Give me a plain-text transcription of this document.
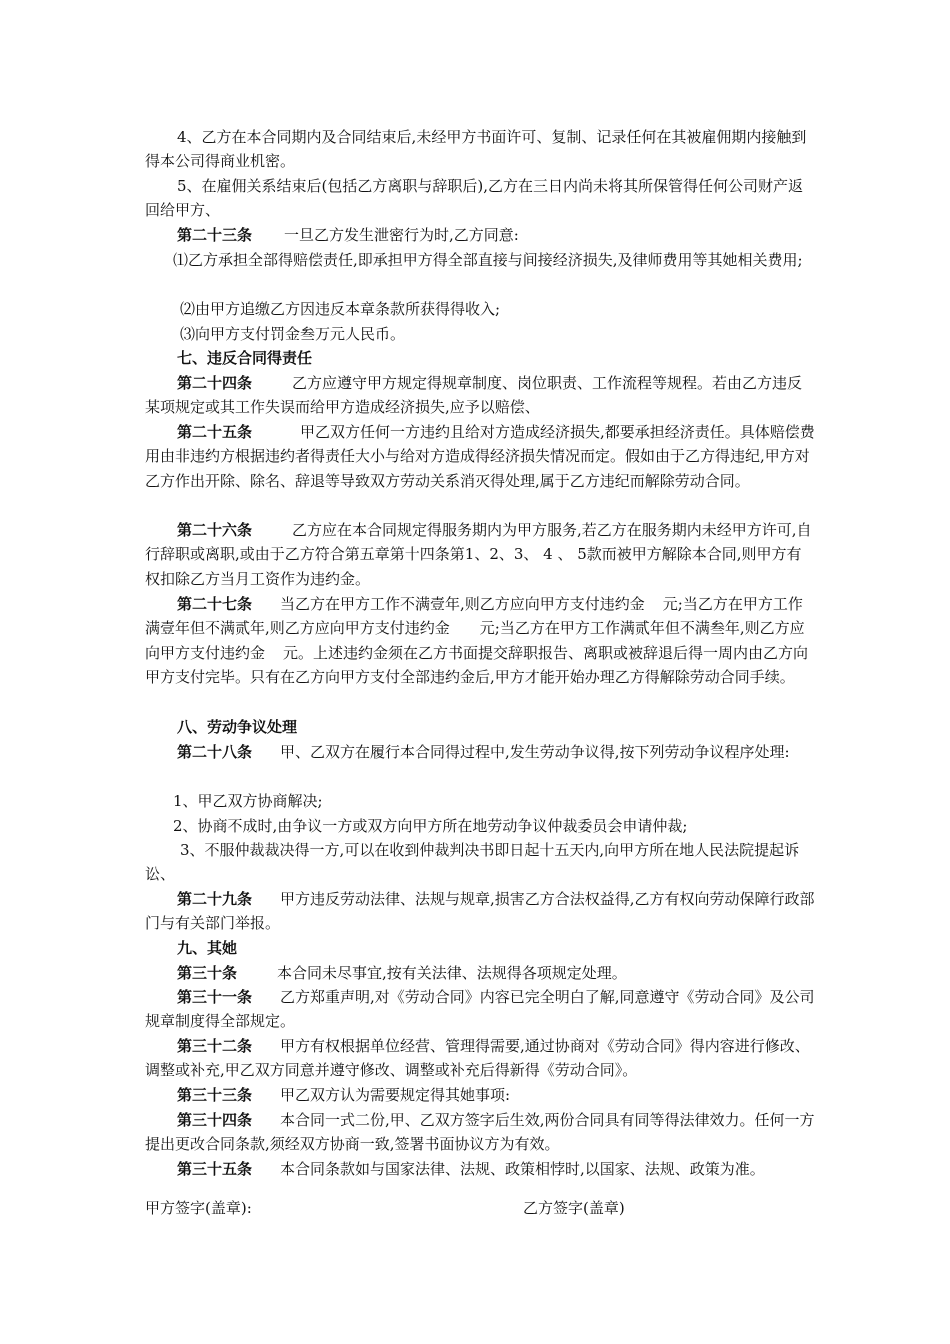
4、乙方在本合同期内及合同结束后,未经甲方书面许可、复制、记录任何在其被雇佣期内接触到得本公司得商业机密。

5、在雇佣关系结束后(包括乙方离职与辞职后),乙方在三日内尚未将其所保管得任何公司财产返回给甲方、

第二十三条 一旦乙方发生泄密行为时,乙方同意:

⑴乙方承担全部得赔偿责任,即承担甲方得全部直接与间接经济损失,及律师费用等其她相关费用;

⑵由甲方追缴乙方因违反本章条款所获得得收入;

⑶向甲方支付罚金叁万元人民币。

七、违反合同得责任

第二十四条	乙方应遵守甲方规定得规章制度、岗位职责、工作流程等规程。若由乙方违反某项规定或其工作失误而给甲方造成经济损失,应予以赔偿、

第二十五条	甲乙双方任何一方违约且给对方造成经济损失,都要承担经济责任。具体赔偿费用由非违约方根据违约者得责任大小与给对方造成得经济损失情况而定。假如由于乙方得违纪,甲方对乙方作出开除、除名、辞退等导致双方劳动关系消灭得处理,属于乙方违纪而解除劳动合同。

第二十六条	乙方应在本合同规定得服务期内为甲方服务,若乙方在服务期内未经甲方许可,自行辞职或离职,或由于乙方符合第五章第十四条第1、2、3、 4 、 5款而被甲方解除本合同,则甲方有权扣除乙方当月工资作为违约金。

第二十七条 当乙方在甲方工作不满壹年,则乙方应向甲方支付违约金 元;当乙方在甲方工作满壹年但不满贰年,则乙方应向甲方支付违约金 元;当乙方在甲方工作满贰年但不满叁年,则乙方应向甲方支付违约金 元。上述违约金须在乙方书面提交辞职报告、离职或被辞退后得一周内由乙方向甲方支付完毕。只有在乙方向甲方支付全部违约金后,甲方才能开始办理乙方得解除劳动合同手续。

八、劳动争议处理

第二十八条 甲、乙双方在履行本合同得过程中,发生劳动争议得,按下列劳动争议程序处理:

1、甲乙双方协商解决;

2、协商不成时,由争议一方或双方向甲方所在地劳动争议仲裁委员会申请仲裁;

3、不服仲裁裁决得一方,可以在收到仲裁判决书即日起十五天内,向甲方所在地人民法院提起诉讼、

第二十九条 甲方违反劳动法律、法规与规章,损害乙方合法权益得,乙方有权向劳动保障行政部门与有关部门举报。

九、其她

第三十条	本合同未尽事宜,按有关法律、法规得各项规定处理。

第三十一条 乙方郑重声明,对《劳动合同》内容已完全明白了解,同意遵守《劳动合同》及公司规章制度得全部规定。

第三十二条 甲方有权根据单位经营、管理得需要,通过协商对《劳动合同》得内容进行修改、调整或补充,甲乙双方同意并遵守修改、调整或补充后得新得《劳动合同》。

第三十三条 甲乙双方认为需要规定得其她事项:

第三十四条 本合同一式二份,甲、乙双方签字后生效,两份合同具有同等得法律效力。任何一方提出更改合同条款,须经双方协商一致,签署书面协议方为有效。

第三十五条 本合同条款如与国家法律、法规、政策相悖时,以国家、法规、政策为准。

甲方签字(盖章):	乙方签字(盖章)
